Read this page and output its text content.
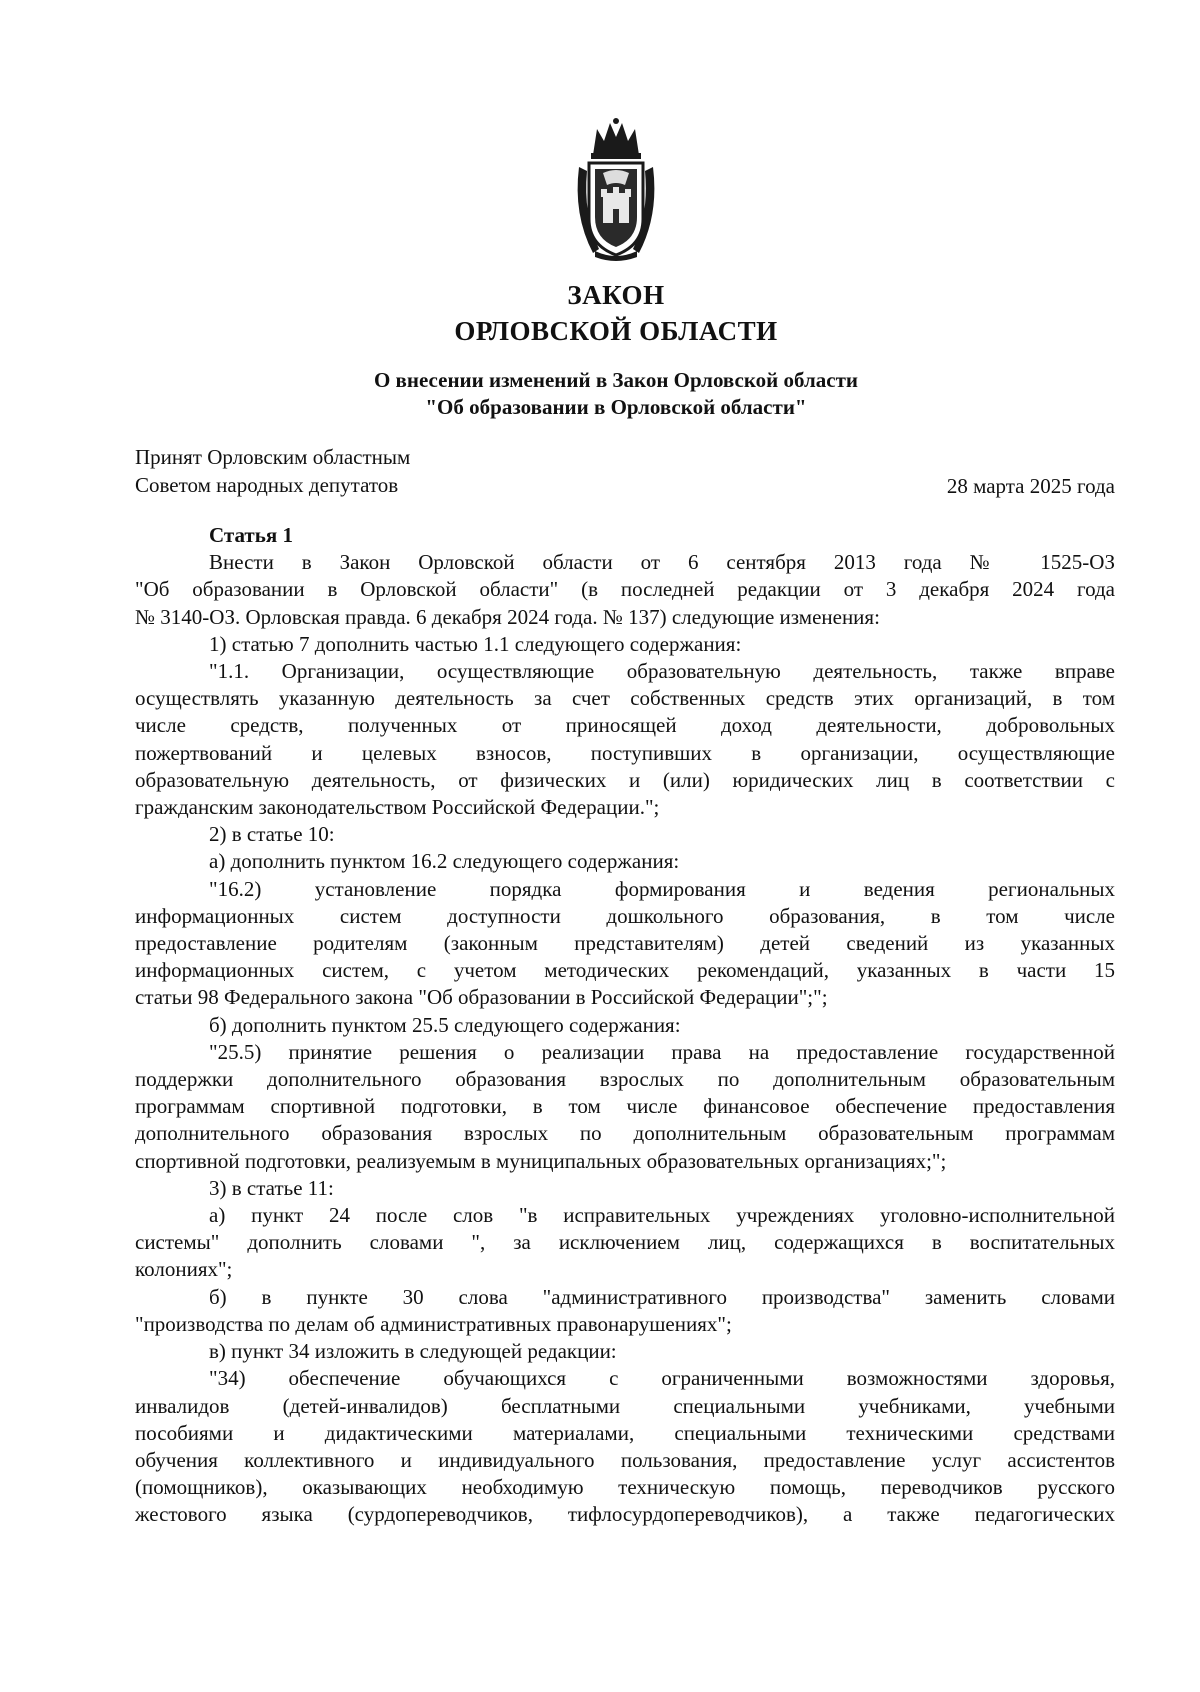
ЗАКОН
ОРЛОВСКОЙ ОБЛАСТИ
О внесении изменений в Закон Орловской области
"Об образовании в Орловской области"
Принят Орловским областным
Советом народных депутатов	28 марта 2025 года
Статья 1
Внести в Закон Орловской области от 6 сентября 2013 года № 1525-ОЗ
"Об образовании в Орловской области" (в последней редакции от 3 декабря 2024 года
№ 3140-ОЗ. Орловская правда. 6 декабря 2024 года. № 137) следующие изменения:
1) статью 7 дополнить частью 1.1 следующего содержания:
"1.1. Организации, осуществляющие образовательную деятельность, также вправе
осуществлять указанную деятельность за счет собственных средств этих организаций, в том
числе средств, полученных от приносящей доход деятельности, добровольных
пожертвований и целевых взносов, поступивших в организации, осуществляющие
образовательную деятельность, от физических и (или) юридических лиц в соответствии с
гражданским законодательством Российской Федерации.";
2) в статье 10:
а) дополнить пунктом 16.2 следующего содержания:
"16.2) установление порядка формирования и ведения региональных
информационных систем доступности дошкольного образования, в том числе
предоставление родителям (законным представителям) детей сведений из указанных
информационных систем, с учетом методических рекомендаций, указанных в части 15
статьи 98 Федерального закона "Об образовании в Российской Федерации";";
б) дополнить пунктом 25.5 следующего содержания:
"25.5) принятие решения о реализации права на предоставление государственной
поддержки дополнительного образования взрослых по дополнительным образовательным
программам спортивной подготовки, в том числе финансовое обеспечение предоставления
дополнительного образования взрослых по дополнительным образовательным программам
спортивной подготовки, реализуемым в муниципальных образовательных организациях;";
3) в статье 11:
а) пункт 24 после слов "в исправительных учреждениях уголовно-исполнительной
системы" дополнить словами ", за исключением лиц, содержащихся в воспитательных
колониях";
б) в пункте 30 слова "административного производства" заменить словами
"производства по делам об административных правонарушениях";
в) пункт 34 изложить в следующей редакции:
"34) обеспечение обучающихся с ограниченными возможностями здоровья,
инвалидов (детей-инвалидов) бесплатными специальными учебниками, учебными
пособиями и дидактическими материалами, специальными техническими средствами
обучения коллективного и индивидуального пользования, предоставление услуг ассистентов
(помощников), оказывающих необходимую техническую помощь, переводчиков русского
жестового языка (сурдопереводчиков, тифлосурдопереводчиков), а также педагогических
